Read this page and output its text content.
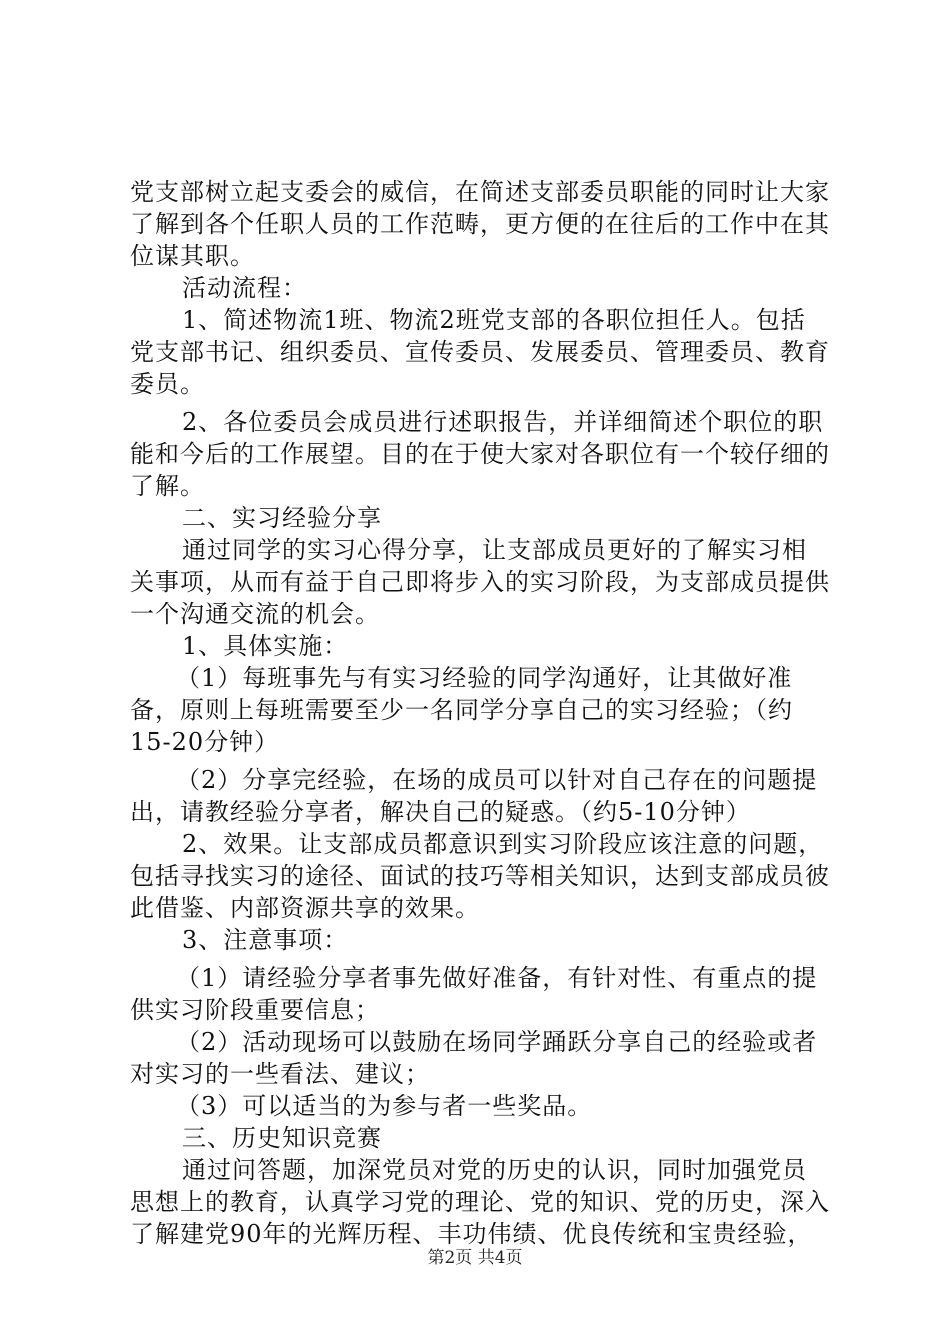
党支部树立起支委会的威信，在简述支部委员职能的同时让大家了解到各个任职人员的工作范畴，更方便的在往后的工作中在其位谋其职。

活动流程：

1、简述物流1班、物流2班党支部的各职位担任人。包括党支部书记、组织委员、宣传委员、发展委员、管理委员、教育委员。

2、各位委员会成员进行述职报告，并详细简述个职位的职能和今后的工作展望。目的在于使大家对各职位有一个较仔细的了解。

二、实习经验分享

通过同学的实习心得分享，让支部成员更好的了解实习相关事项，从而有益于自己即将步入的实习阶段，为支部成员提供一个沟通交流的机会。

1、具体实施：

（1）每班事先与有实习经验的同学沟通好，让其做好准备，原则上每班需要至少一名同学分享自己的实习经验；（约15-20分钟）

（2）分享完经验，在场的成员可以针对自己存在的问题提出，请教经验分享者，解决自己的疑惑。（约5-10分钟）

2、效果。让支部成员都意识到实习阶段应该注意的问题，包括寻找实习的途径、面试的技巧等相关知识，达到支部成员彼此借鉴、内部资源共享的效果。

3、注意事项：

（1）请经验分享者事先做好准备，有针对性、有重点的提供实习阶段重要信息；

（2）活动现场可以鼓励在场同学踊跃分享自己的经验或者对实习的一些看法、建议；

（3）可以适当的为参与者一些奖品。

三、历史知识竞赛

通过问答题，加深党员对党的历史的认识，同时加强党员思想上的教育，认真学习党的理论、党的知识、党的历史，深入了解建党90年的光辉历程、丰功伟绩、优良传统和宝贵经验，

第2页 共4页
